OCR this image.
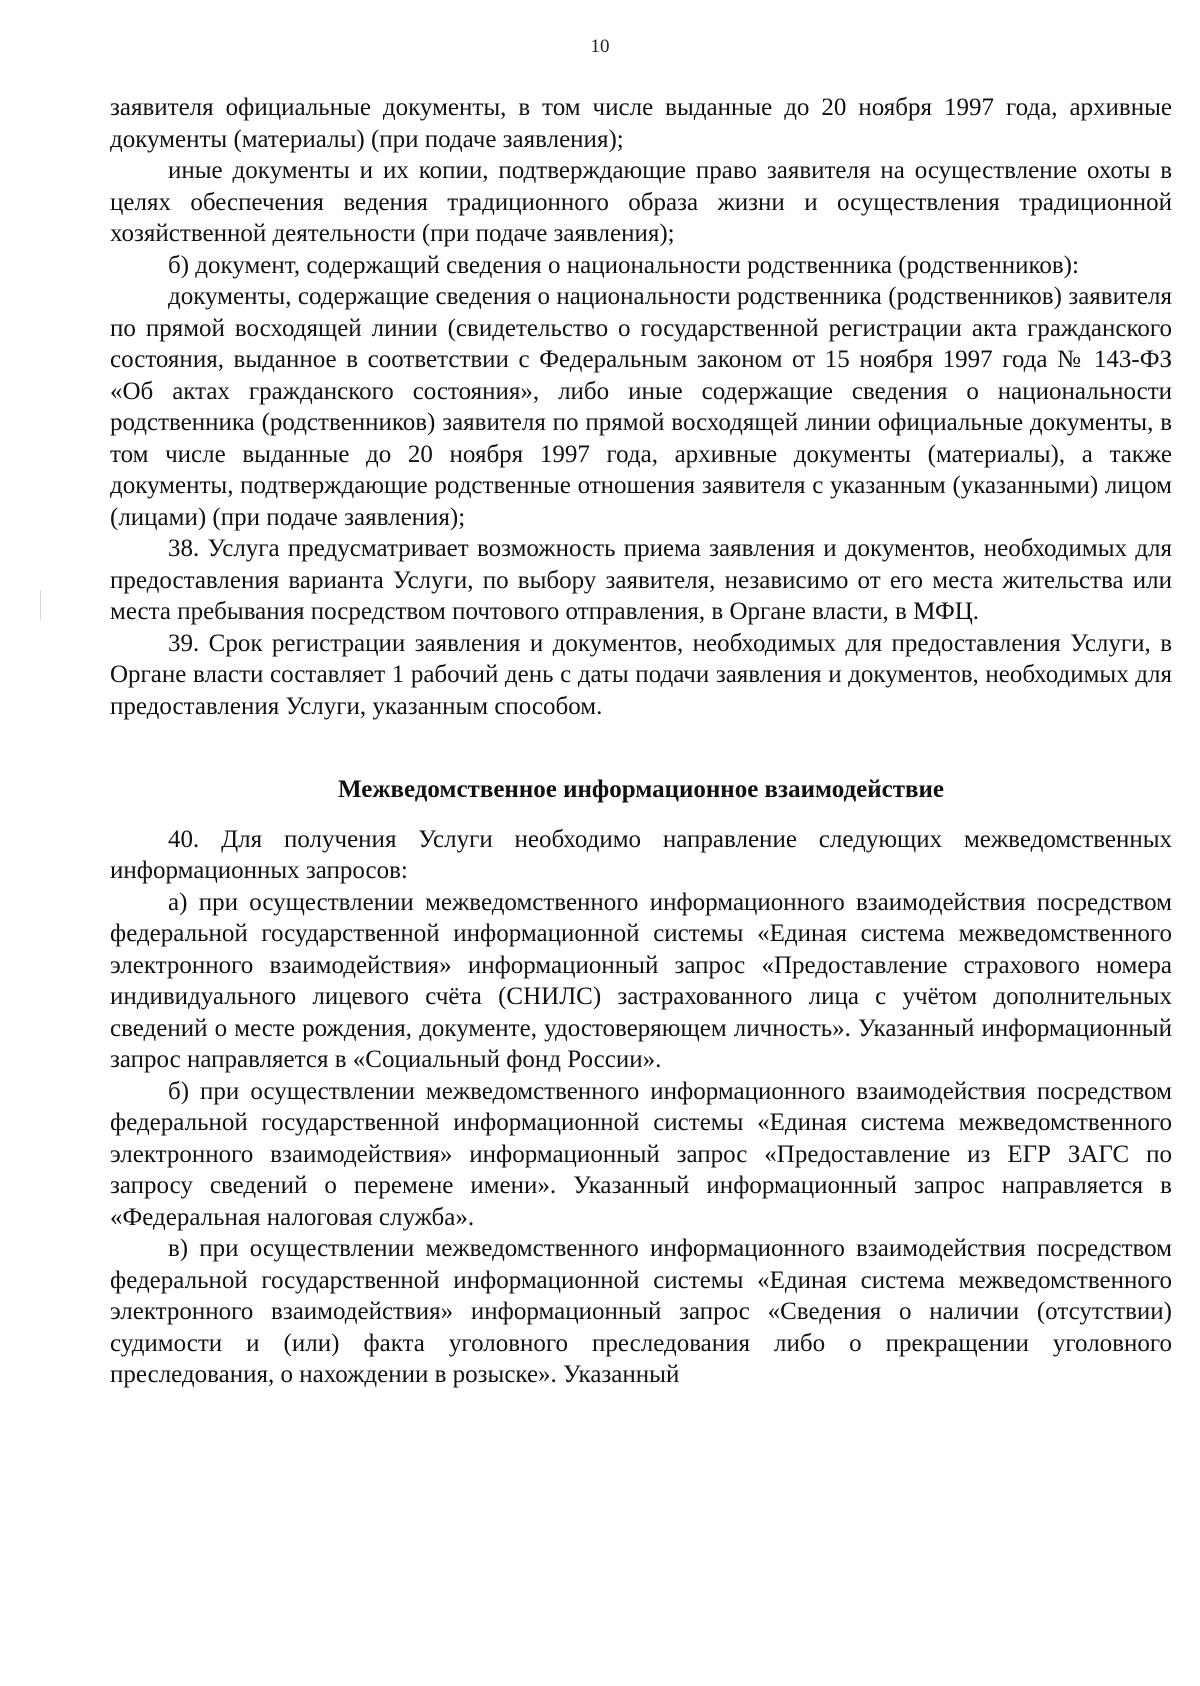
10

заявителя официальные документы, в том числе выданные до 20 ноября 1997 года, архивные документы (материалы) (при подаче заявления);

иные документы и их копии, подтверждающие право заявителя на осуществление охоты в целях обеспечения ведения традиционного образа жизни и осуществления традиционной хозяйственной деятельности (при подаче заявления);

б) документ, содержащий сведения о национальности родственника (родственников):

документы, содержащие сведения о национальности родственника (родственников) заявителя по прямой восходящей линии (свидетельство о государственной регистрации акта гражданского состояния, выданное в соответствии с Федеральным законом от 15 ноября 1997 года № 143-ФЗ «Об актах гражданского состояния», либо иные содержащие сведения о национальности родственника (родственников) заявителя по прямой восходящей линии официальные документы, в том числе выданные до 20 ноября 1997 года, архивные документы (материалы), а также документы, подтверждающие родственные отношения заявителя с указанным (указанными) лицом (лицами) (при подаче заявления);

38. Услуга предусматривает возможность приема заявления и документов, необходимых для предоставления варианта Услуги, по выбору заявителя, независимо от его места жительства или места пребывания посредством почтового отправления, в Органе власти, в МФЦ.

39. Срок регистрации заявления и документов, необходимых для предоставления Услуги, в Органе власти составляет 1 рабочий день с даты подачи заявления и документов, необходимых для предоставления Услуги, указанным способом.

Межведомственное информационное взаимодействие

40. Для получения Услуги необходимо направление следующих межведомственных информационных запросов:

а) при осуществлении межведомственного информационного взаимодействия посредством федеральной государственной информационной системы «Единая система межведомственного электронного взаимодействия» информационный запрос «Предоставление страхового номера индивидуального лицевого счёта (СНИЛС) застрахованного лица с учётом дополнительных сведений о месте рождения, документе, удостоверяющем личность». Указанный информационный запрос направляется в «Социальный фонд России».

б) при осуществлении межведомственного информационного взаимодействия посредством федеральной государственной информационной системы «Единая система межведомственного электронного взаимодействия» информационный запрос «Предоставление из ЕГР ЗАГС по запросу сведений о перемене имени». Указанный информационный запрос направляется в «Федеральная налоговая служба».

в) при осуществлении межведомственного информационного взаимодействия посредством федеральной государственной информационной системы «Единая система межведомственного электронного взаимодействия» информационный запрос «Сведения о наличии (отсутствии) судимости и (или) факта уголовного преследования либо о прекращении уголовного преследования, о нахождении в розыске». Указанный
